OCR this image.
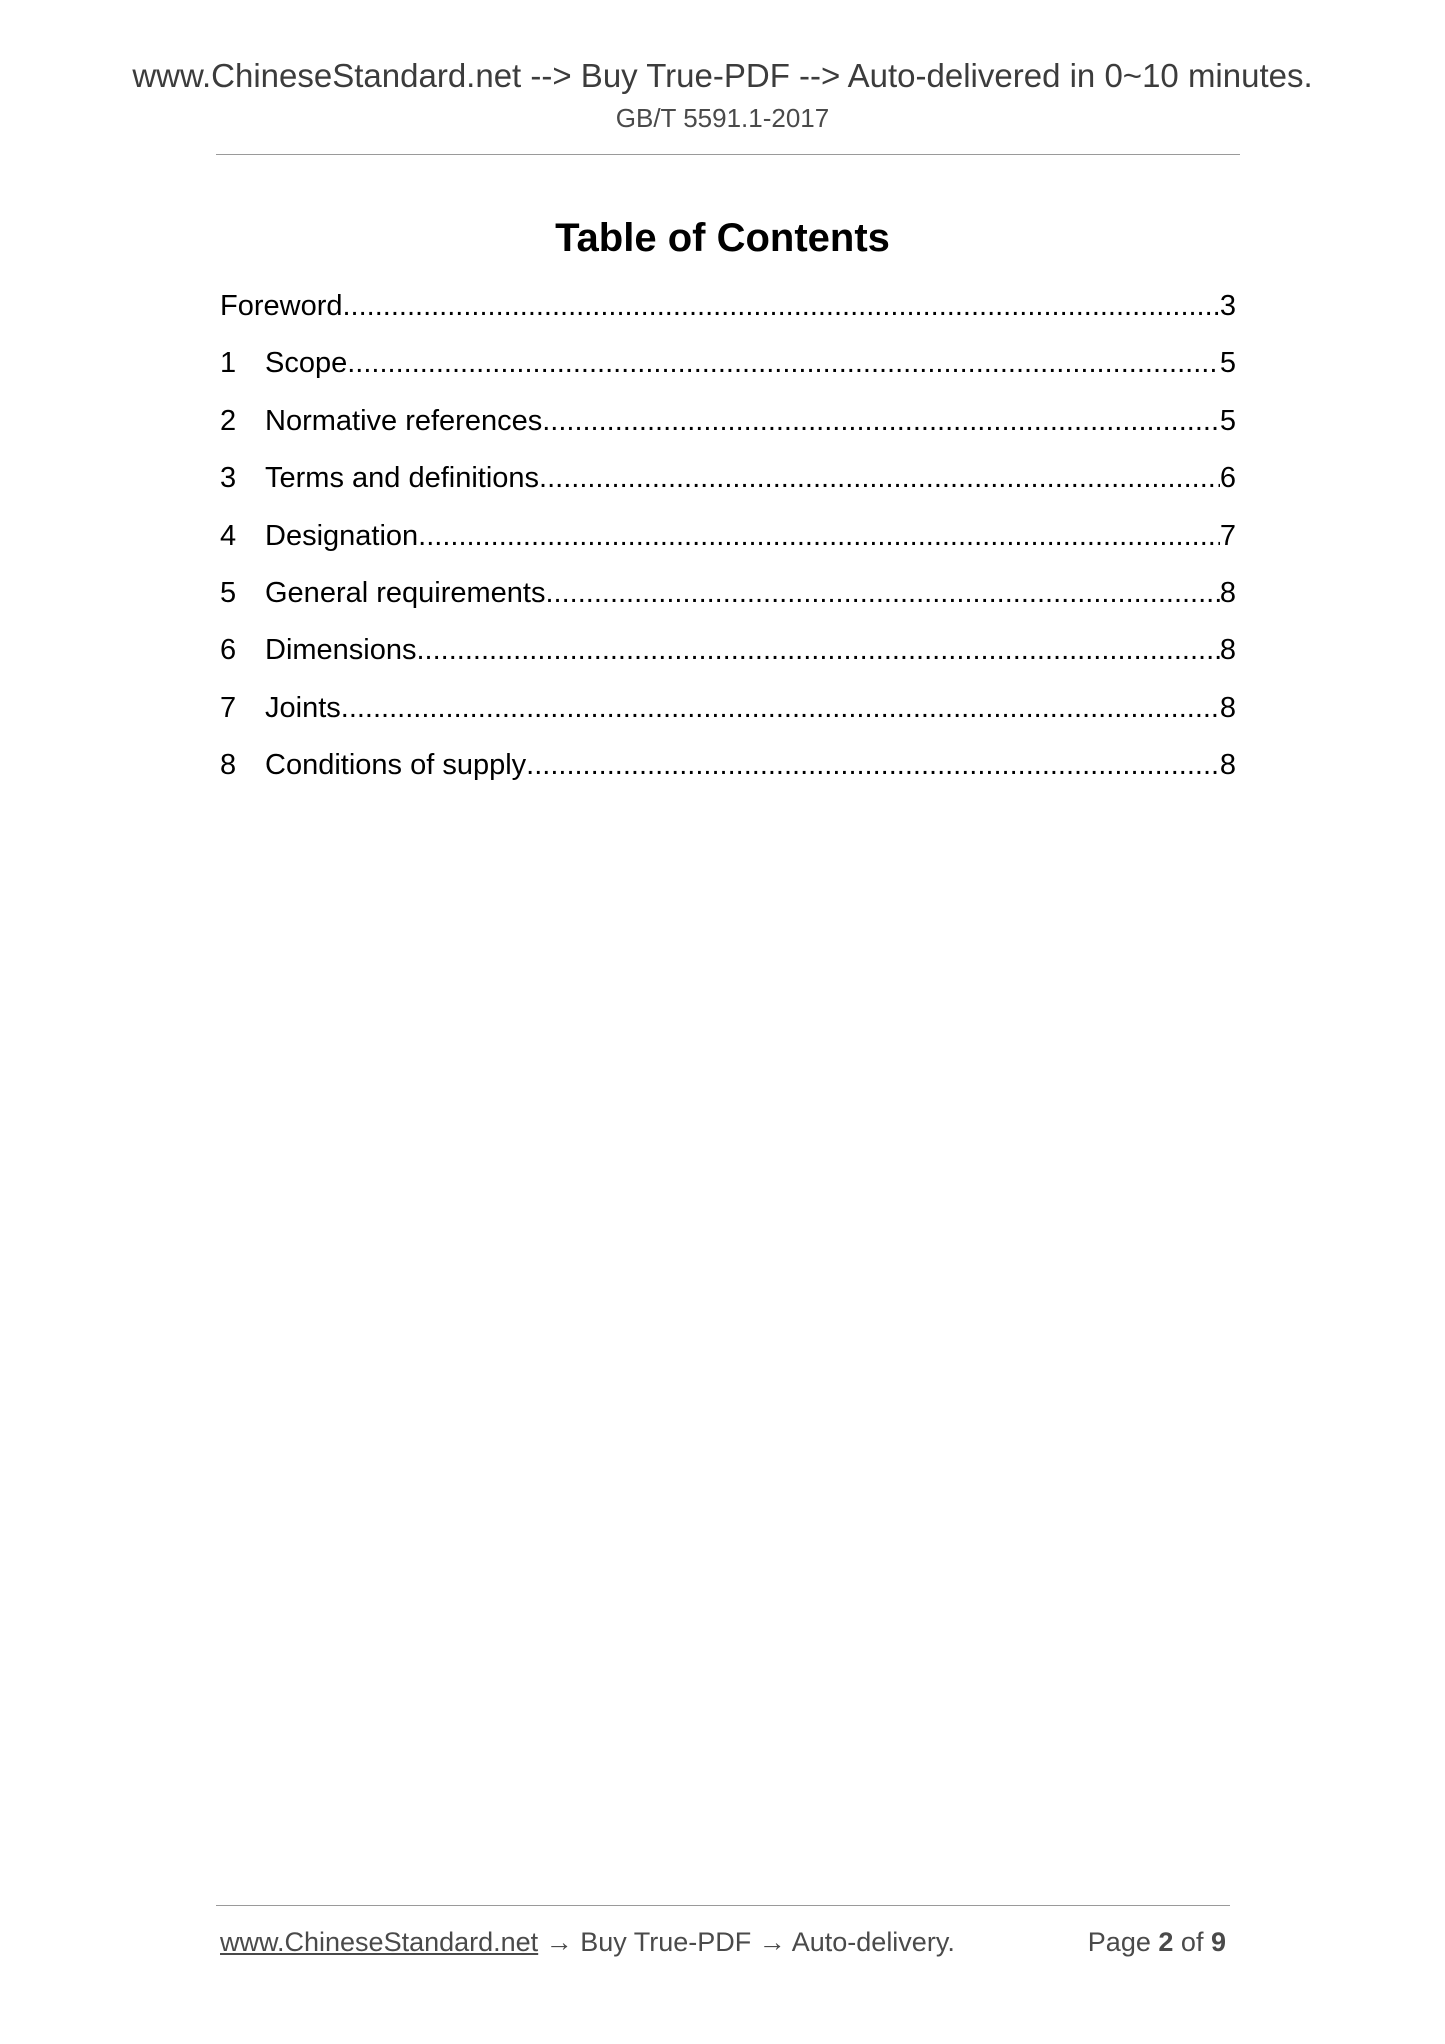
www.ChineseStandard.net --> Buy True-PDF --> Auto-delivered in 0~10 minutes.
GB/T 5591.1-2017
Table of Contents
Foreword .....	3
1 Scope .....	5
2 Normative references .....	5
3 Terms and definitions .....	6
4 Designation .....	7
5 General requirements .....	8
6 Dimensions .....	8
7 Joints .....	8
8 Conditions of supply .....	8
www.ChineseStandard.net → Buy True-PDF → Auto-delivery.	Page 2 of 9
